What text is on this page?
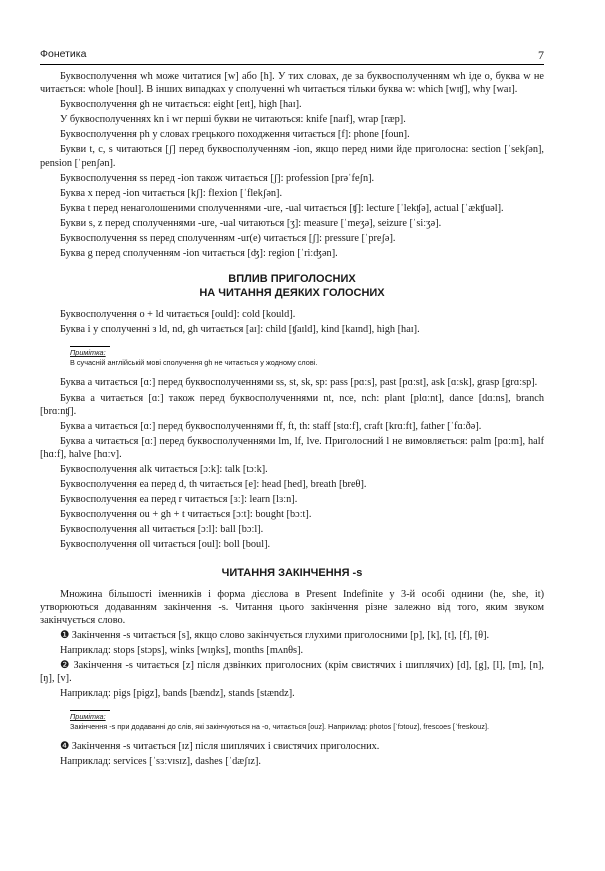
Фонетика	7

Буквосполучення wh може читатися [w] або [h]. У тих словах, де за буквосполученням wh іде o, буква w не читається: whole [houl]. В інших випадках у сполученні wh читається тільки буква w: which [wɪʧ], why [waɪ].

Буквосполучення gh не читається: eight [eɪt], high [haɪ].

У буквосполученнях kn і wr перші букви не читаються: knife [naɪf], wrap [ræp].

Буквосполучення ph у словах грецького походження читається [f]: phone [foun].

Букви t, c, s читаються [ʃ] перед буквосполученням -ion, якщо перед ними йде приголосна: section [ˈsekʃən], pension [ˈpenʃən].

Буквосполучення ss перед -ion також читається [ʃ]: profession [prəˈfeʃn].

Буква x перед -ion читається [kʃ]: flexion [ˈflekʃən].

Буква t перед ненаголошеними сполученнями -ure, -ual читається [ʧ]: lecture [ˈlekʧə], actual [ˈækʧuəl].

Букви s, z перед сполученнями -ure, -ual читаються [ʒ]: measure [ˈmeʒə], seizure [ˈsiːʒə].

Буквосполучення ss перед сполученням -ur(e) читається [ʃ]: pressure [ˈpreʃə].

Буква g перед сполученням -ion читається [ʤ]: region [ˈriːʤən].

ВПЛИВ ПРИГОЛОСНИХ

НА ЧИТАННЯ ДЕЯКИХ ГОЛОСНИХ

Буквосполучення o + ld читається [ould]: cold [kould].

Буква i у сполученні з ld, nd, gh читається [aɪ]: child [ʧaɪld], kind [kaɪnd], high [haɪ].

Примітка:

В сучасній англійській мові сполучення gh не читається у жодному слові.

Буква a читається [ɑː] перед буквосполученнями ss, st, sk, sp: pass [pɑːs], past [pɑːst], ask [ɑːsk], grasp [grɑːsp].

Буква a читається [ɑː] також перед буквосполученнями nt, nce, nch: plant [plɑːnt], dance [dɑːns], branch [brɑːnʧ].

Буква a читається [ɑː] перед буквосполученнями ff, ft, th: staff [stɑːf], craft [krɑːft], father [ˈfɑːðə].

Буква a читається [ɑː] перед буквосполученнями lm, lf, lve. Приголосний l не вимовляється: palm [pɑːm], half [hɑːf], halve [hɑːv].

Буквосполучення alk читається [ɔːk]: talk [tɔːk].

Буквосполучення ea перед d, th читається [e]: head [hed], breath [breθ].

Буквосполучення ea перед r читається [ɜː]: learn [lɜːn].

Буквосполучення ou + gh + t читається [ɔːt]: bought [bɔːt].

Буквосполучення all читається [ɔːl]: ball [bɔːl].

Буквосполучення oll читається [oul]: boll [boul].

ЧИТАННЯ ЗАКІНЧЕННЯ -s

Множина більшості іменників і форма дієслова в Present Indefinite у 3-й особі однини (he, she, it) утворюються додаванням закінчення -s. Читання цього закінчення різне залежно від того, яким звуком закінчується слово.

❶ Закінчення -s читається [s], якщо слово закінчується глухими приголосними [p], [k], [t], [f], [θ].

Наприклад: stops [stɔps], winks [wɪŋks], months [mʌnθs].

❷ Закінчення -s читається [z] після дзвінких приголосних (крім свистячих і шиплячих) [d], [g], [l], [m], [n], [ŋ], [v].

Наприклад: pigs [pigz], bands [bændz], stands [stændz].

Примітка:

Закінчення -s при додаванні до слів, які закінчуються на -o, читається [ouz]. Наприклад: photos [ˈfɔtouz], frescoes [ˈfreskouz].

❹ Закінчення -s читається [ɪz] після шиплячих і свистячих приголосних.

Наприклад: services [ˈsɜːvɪsɪz], dashes [ˈdæʃɪz].
